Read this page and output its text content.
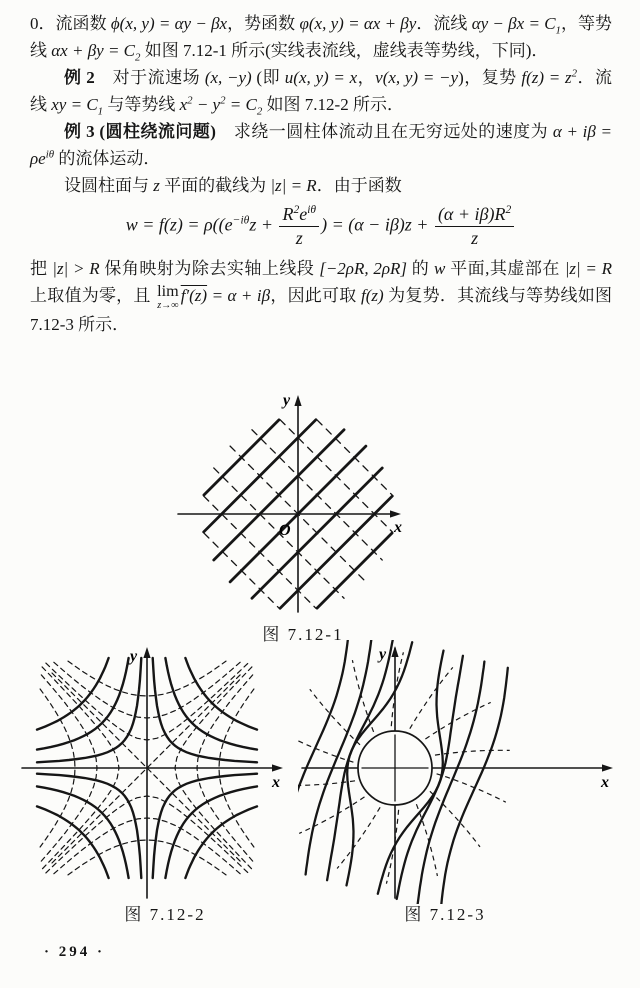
0．流函数 ϕ(x, y) = αy − βx，势函数 φ(x, y) = αx + βy．流线 $\alpha y - \beta x = C_1$，等势线 $\alpha x + \beta y = C_2$ 如图 7.12-1 所示(实线表流线，虚线表等势线，下同)．

例 2　对于流速场 (x, −y) (即 u(x, y) = x，v(x, y) = −y)，复势 $f(z) = z^2$．流线 xy = $C_1$ 与等势线 $x^2 - y^2 = C_2$ 如图 7.12-2 所示．

例 3 (圆柱绕流问题)　求绕一圆柱体流动且在无穷远处的速度为 $\alpha + i\beta = \rho e^{i\theta}$ 的流体运动．

设圆柱面与 z 平面的截线为 |z| = R．由于函数

$w = f(z) = \rho((e^{-i\theta}z + \frac{R^2e^{i\theta}}{z}$ ) = $(\alpha - i\beta)z + \frac{(\alpha + i\beta)R^2}{z}$

把 |z| > R 保角映射为除去实轴上线段 [−2ρR, 2ρR] 的 w 平面,其虚部在 |z| = R 上取值为零，且 lim
z→∞
f′(z) = α + iβ，因此可取 f(z) 为复势．其流线与等势线如图 7.12-3 所示．

x
y
O
图 7.12-1
x
y
图 7.12-2
x
y
图 7.12-3
· 294 ·
